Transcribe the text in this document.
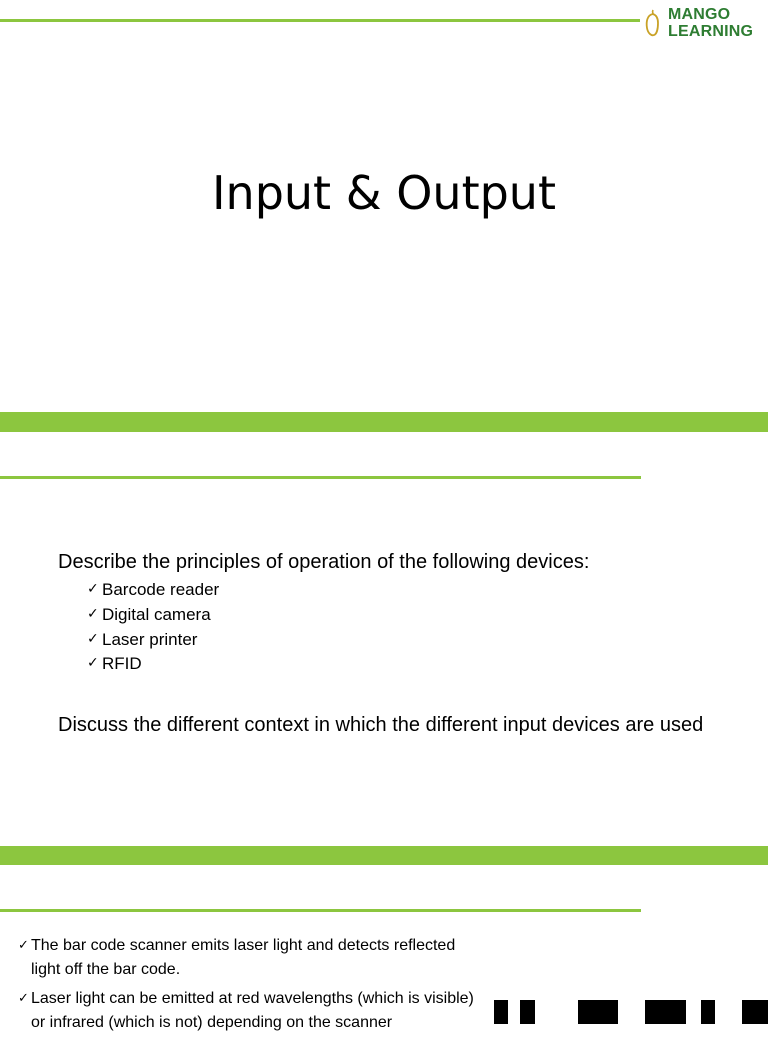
MANGO
LEARNING
Input & Output
Describe the principles of operation of the following devices:
✓ Barcode reader
✓ Digital camera
✓ Laser printer
✓ RFID
Discuss the different context in which the different input devices are used
✓ The bar code scanner emits laser light and detects reflected light off the bar code.
✓ Laser light can be emitted at red wavelengths (which is visible) or infrared (which is not) depending on the scanner
